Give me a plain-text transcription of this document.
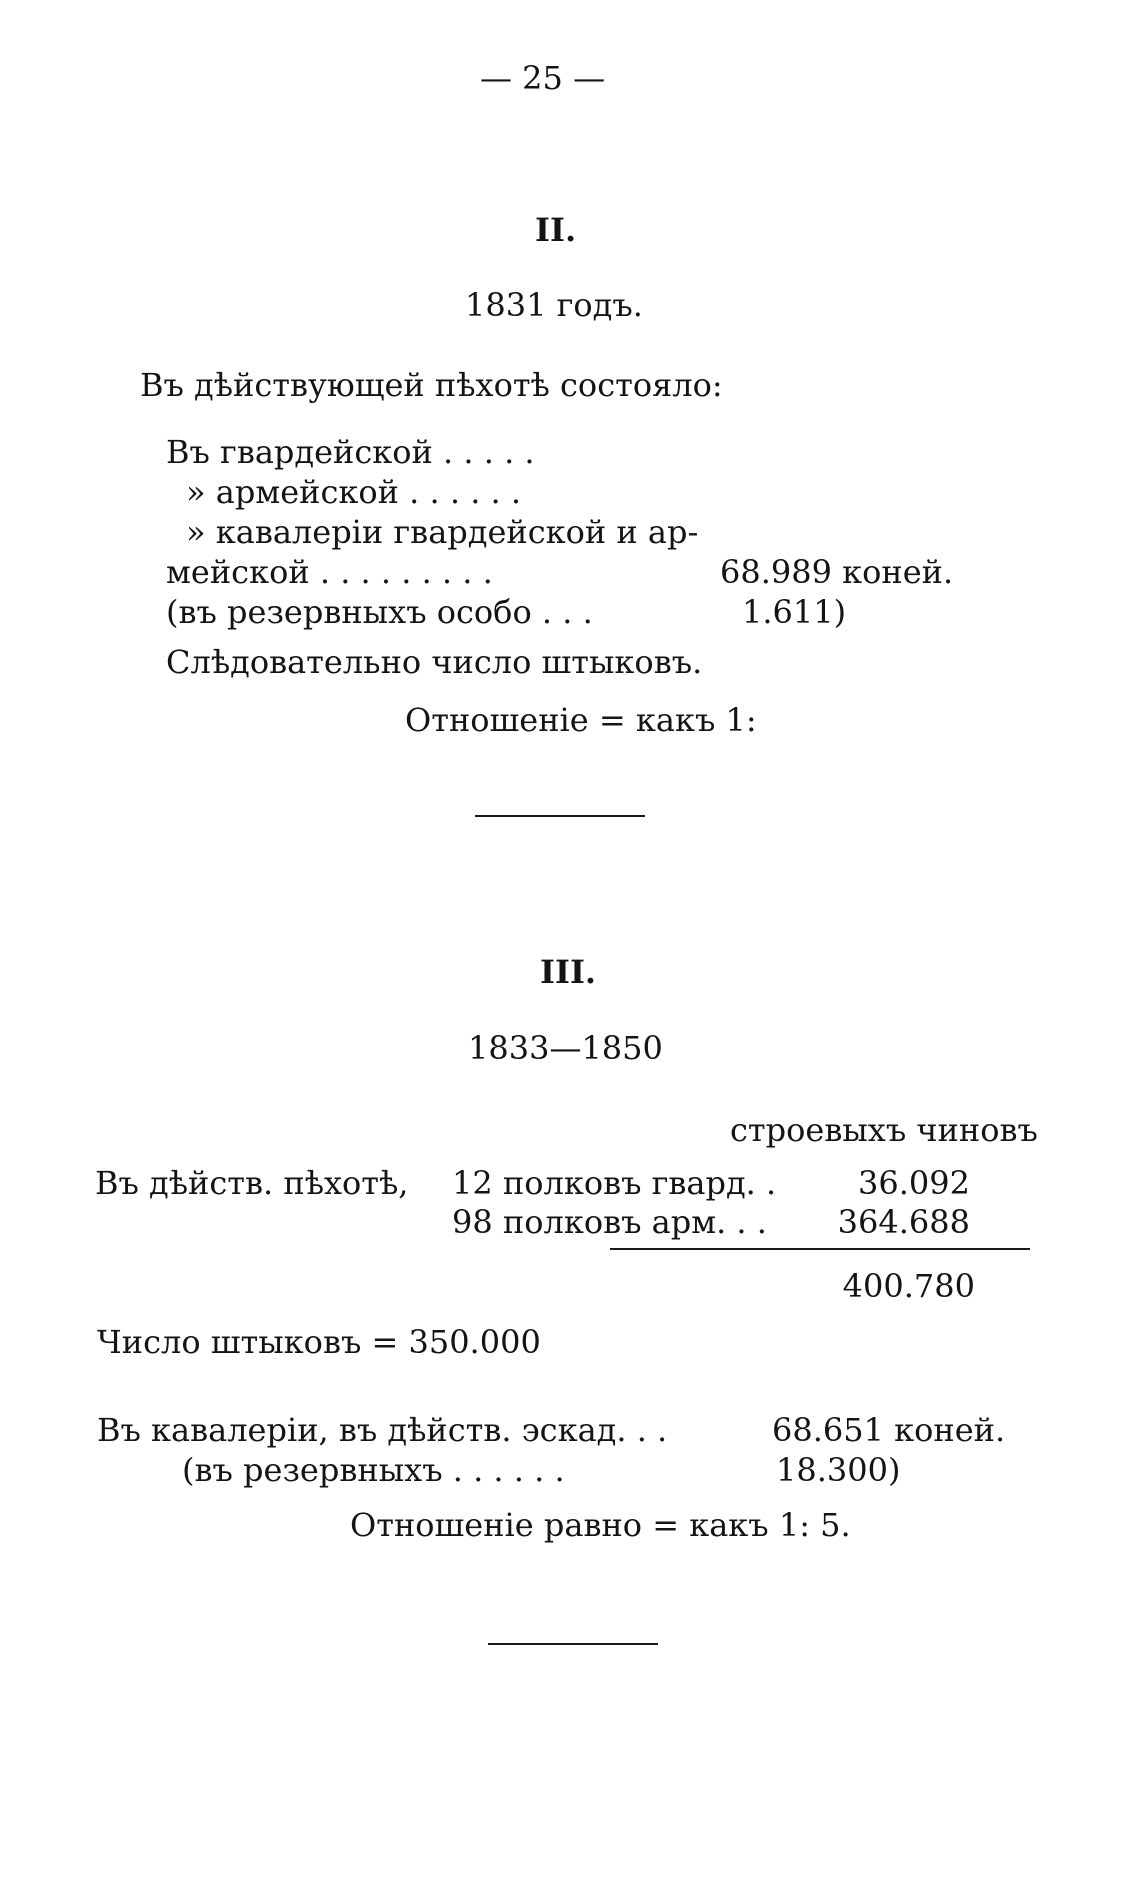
— 25 —
II.
1831 годъ.
Въ дѣйствующей пѣхотѣ состояло:
Въ гвардейской . . . . .
» армейской . . . . . .
» кавалеріи гвардейской и ар-
мейской . . . . . . . . .	68.989 коней.
(въ резервныхъ особо . . .	1.611)
Слѣдовательно число штыковъ.
Отношеніе = какъ 1:
III.
1833—1850
строевыхъ чиновъ
Въ дѣйств. пѣхотѣ, 12 полковъ гвард. .	36.092
98 полковъ арм. . .	364.688
400.780
Число штыковъ = 350.000
Въ кавалеріи, въ дѣйств. эскад. . .	68.651 коней.
(въ резервныхъ . . . . . .	18.300)
Отношеніе равно = какъ 1: 5.
